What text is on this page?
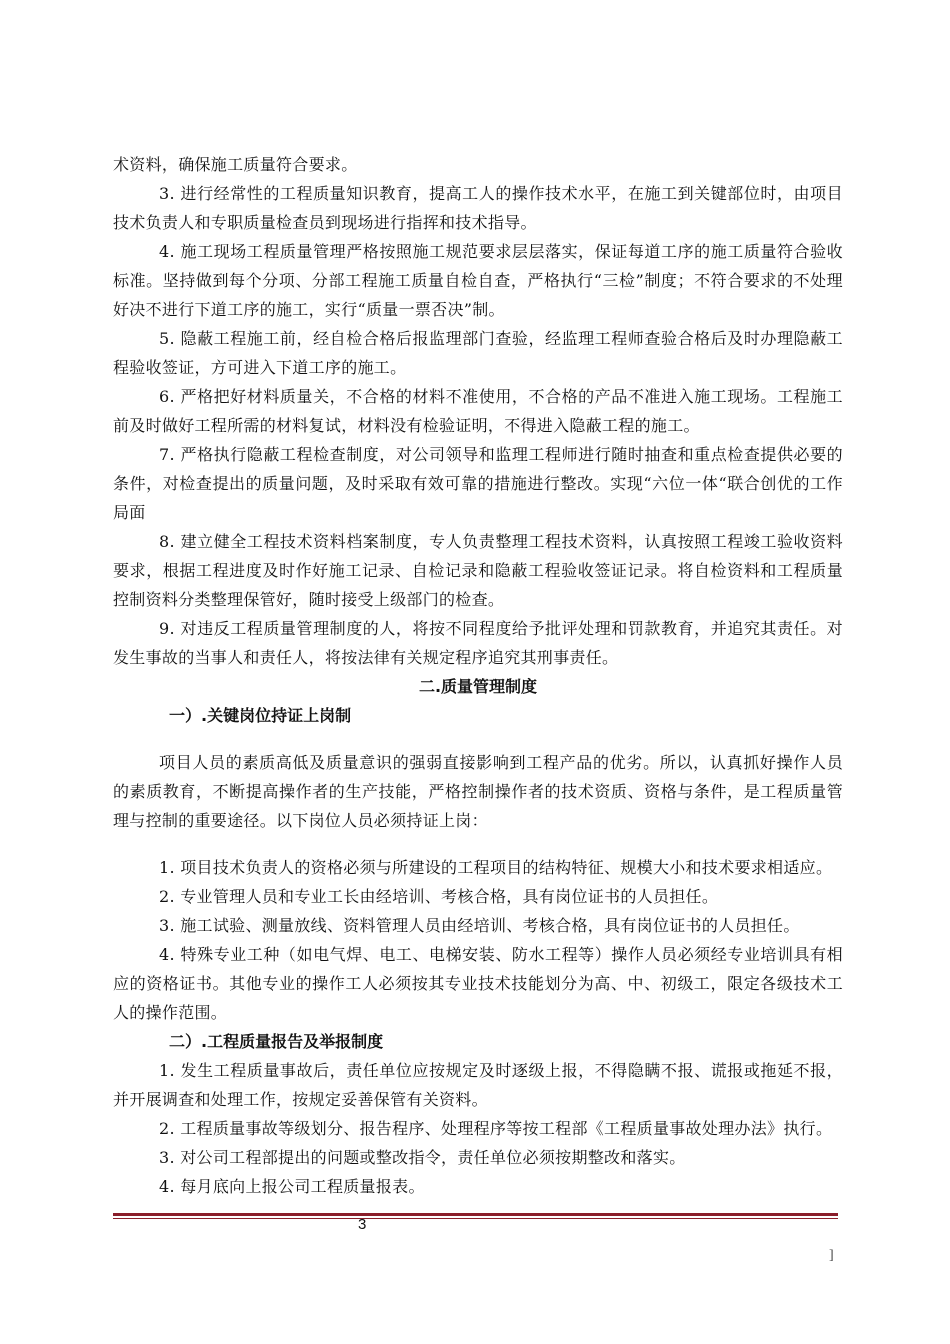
术资料，确保施工质量符合要求。

3. 进行经常性的工程质量知识教育，提高工人的操作技术水平，在施工到关键部位时，由项目技术负责人和专职质量检查员到现场进行指挥和技术指导。

4. 施工现场工程质量管理严格按照施工规范要求层层落实，保证每道工序的施工质量符合验收标准。坚持做到每个分项、分部工程施工质量自检自查，严格执行“三检”制度；不符合要求的不处理好决不进行下道工序的施工，实行“质量一票否决”制。

5. 隐蔽工程施工前，经自检合格后报监理部门查验，经监理工程师查验合格后及时办理隐蔽工程验收签证，方可进入下道工序的施工。

6. 严格把好材料质量关，不合格的材料不准使用，不合格的产品不准进入施工现场。工程施工前及时做好工程所需的材料复试，材料没有检验证明，不得进入隐蔽工程的施工。

7. 严格执行隐蔽工程检查制度，对公司领导和监理工程师进行随时抽查和重点检查提供必要的条件，对检查提出的质量问题，及时采取有效可靠的措施进行整改。实现“六位一体“联合创优的工作局面

8. 建立健全工程技术资料档案制度，专人负责整理工程技术资料，认真按照工程竣工验收资料要求，根据工程进度及时作好施工记录、自检记录和隐蔽工程验收签证记录。将自检资料和工程质量控制资料分类整理保管好，随时接受上级部门的检查。

9. 对违反工程质量管理制度的人，将按不同程度给予批评处理和罚款教育，并追究其责任。对发生事故的当事人和责任人，将按法律有关规定程序追究其刑事责任。

二.质量管理制度

一）.关键岗位持证上岗制

项目人员的素质高低及质量意识的强弱直接影响到工程产品的优劣。所以，认真抓好操作人员的素质教育，不断提高操作者的生产技能，严格控制操作者的技术资质、资格与条件，是工程质量管理与控制的重要途径。以下岗位人员必须持证上岗：

1. 项目技术负责人的资格必须与所建设的工程项目的结构特征、规模大小和技术要求相适应。

2. 专业管理人员和专业工长由经培训、考核合格，具有岗位证书的人员担任。

3. 施工试验、测量放线、资料管理人员由经培训、考核合格，具有岗位证书的人员担任。

4. 特殊专业工种（如电气焊、电工、电梯安装、防水工程等）操作人员必须经专业培训具有相应的资格证书。其他专业的操作工人必须按其专业技术技能划分为高、中、初级工，限定各级技术工人的操作范围。

二）.工程质量报告及举报制度

1. 发生工程质量事故后，责任单位应按规定及时逐级上报，不得隐瞒不报、谎报或拖延不报，并开展调查和处理工作，按规定妥善保管有关资料。

2. 工程质量事故等级划分、报告程序、处理程序等按工程部《工程质量事故处理办法》执行。

3. 对公司工程部提出的问题或整改指令，责任单位必须按期整改和落实。

4. 每月底向上报公司工程质量报表。

3
]
